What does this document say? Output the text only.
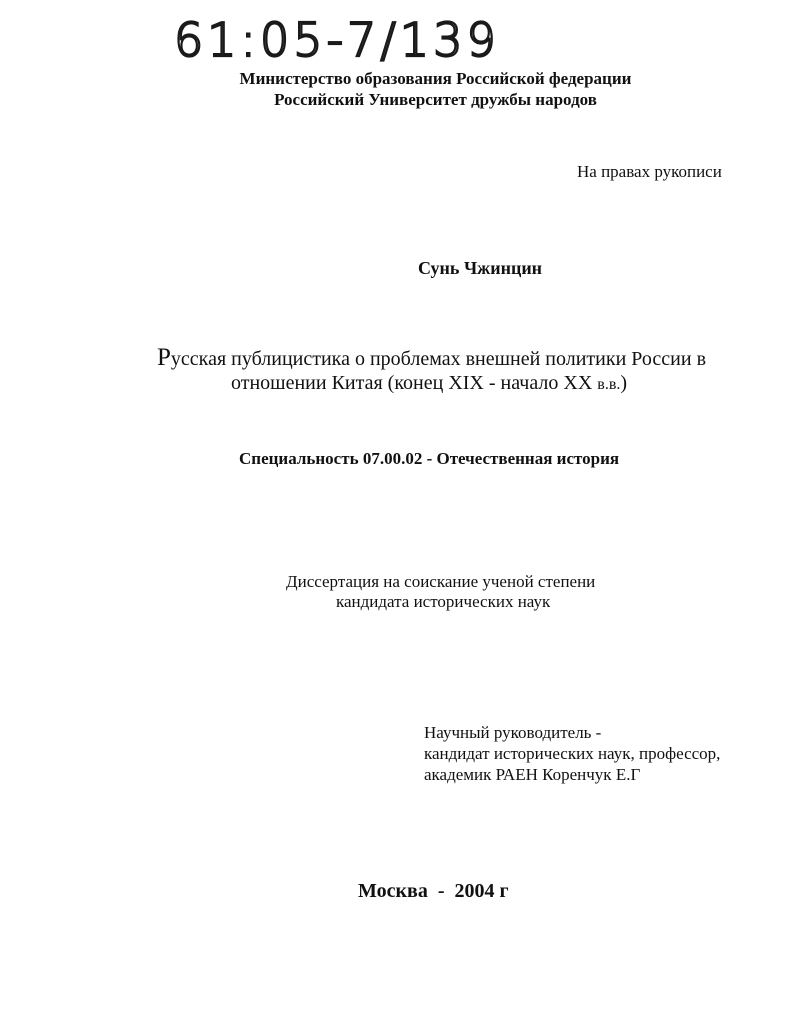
61:05-7/139
Министерство образования Российской федерации
Российский Университет дружбы народов
На правах рукописи
Сунь Чжинцин
Русская публицистика о проблемах внешней политики России в
отношении Китая (конец XIX - начало XX в.в.)
Специальность 07.00.02 - Отечественная история
Диссертация на соискание ученой степени
кандидата исторических наук
Научный руководитель -
кандидат исторических наук, профессор,
академик РАЕН Коренчук Е.Г
Москва  -  2004 г
